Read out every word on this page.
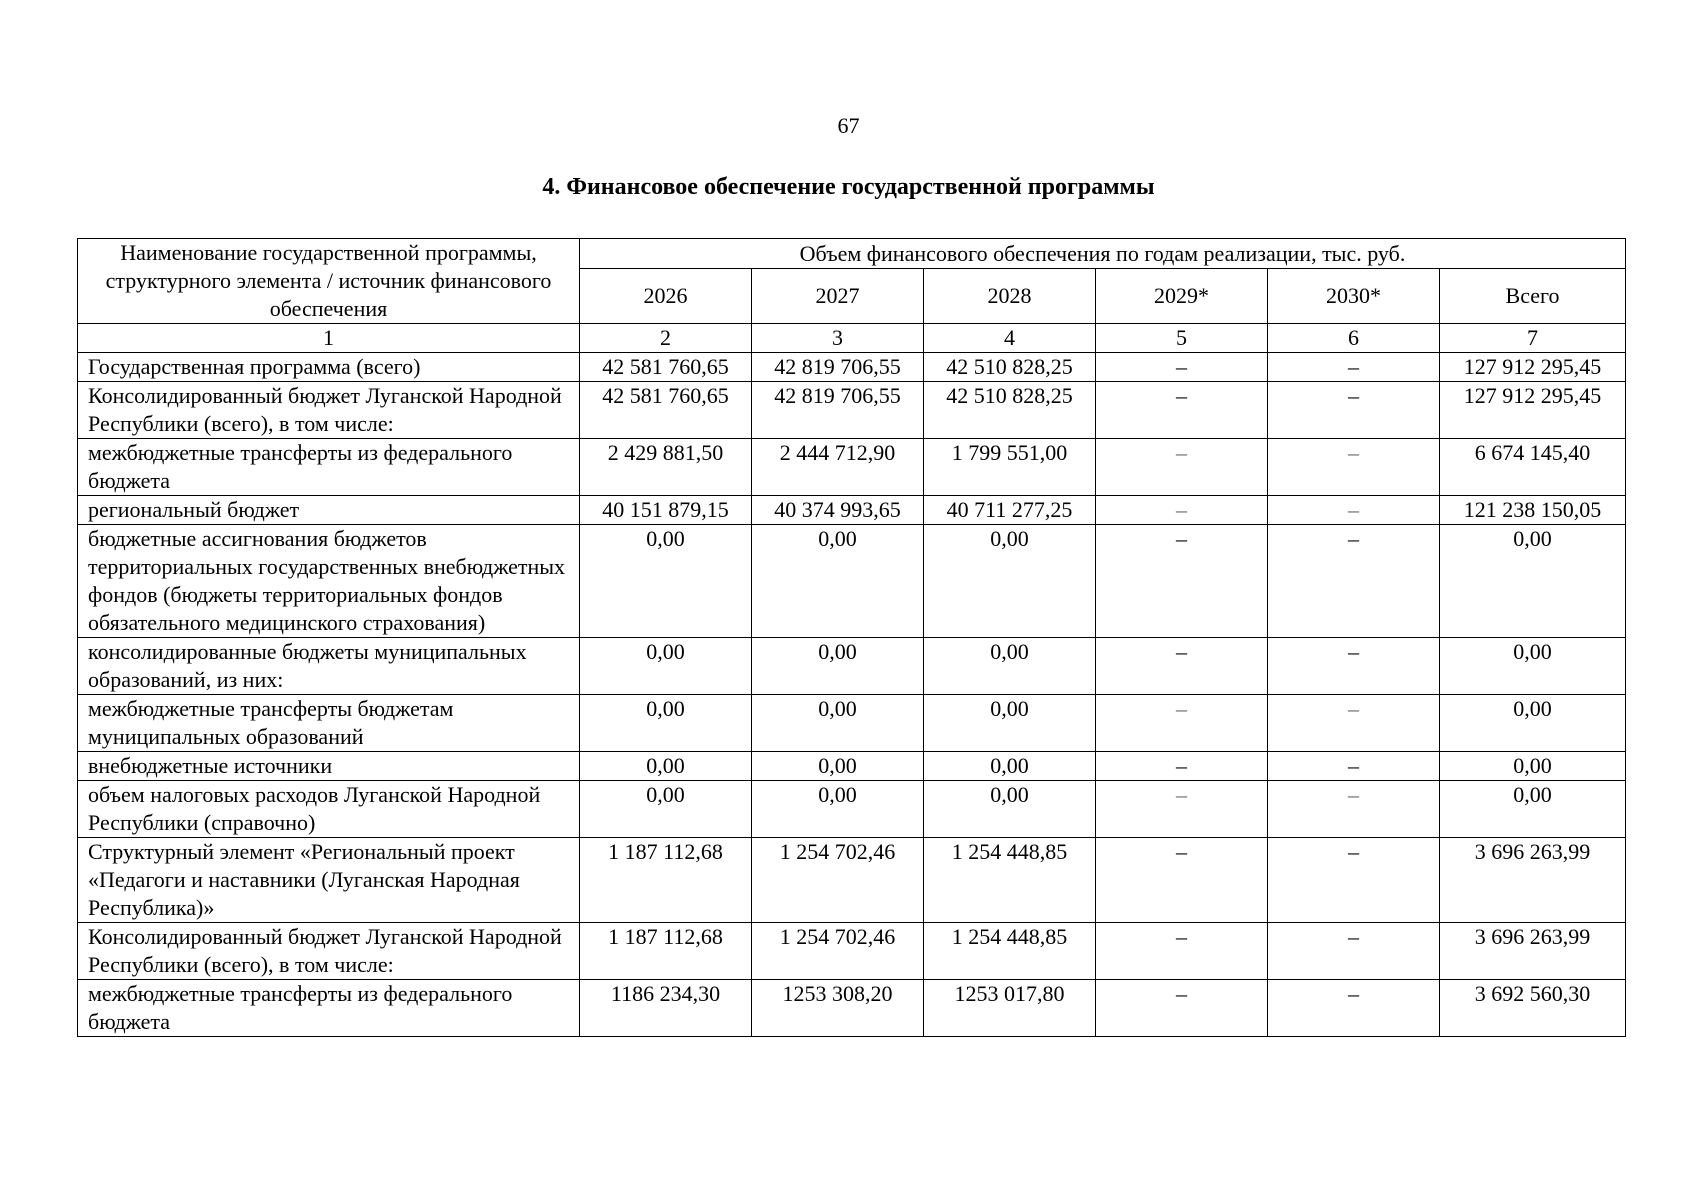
67
4. Финансовое обеспечение государственной программы
Наименование государственной программы, структурного элемента / источник финансового обеспечения	Объем финансового обеспечения по годам реализации, тыс. руб.					
	2026	2027	2028	2029*	2030*	Всего
1	2	3	4	5	6	7
Государственная программа (всего)	42 581 760,65	42 819 706,55	42 510 828,25	–	–	127 912 295,45
Консолидированный бюджет Луганской Народной Республики (всего), в том числе:	42 581 760,65	42 819 706,55	42 510 828,25	–	–	127 912 295,45
межбюджетные трансферты из федерального бюджета	2 429 881,50	2 444 712,90	1 799 551,00	–	–	6 674 145,40
региональный бюджет	40 151 879,15	40 374 993,65	40 711 277,25	–	–	121 238 150,05
бюджетные ассигнования бюджетов территориальных государственных внебюджетных фондов (бюджеты территориальных фондов обязательного медицинского страхования)	0,00	0,00	0,00	–	–	0,00
консолидированные бюджеты муниципальных образований, из них:	0,00	0,00	0,00	–	–	0,00
межбюджетные трансферты бюджетам муниципальных образований	0,00	0,00	0,00	–	–	0,00
внебюджетные источники	0,00	0,00	0,00	–	–	0,00
объем налоговых расходов Луганской Народной Республики (справочно)	0,00	0,00	0,00	–	–	0,00
Структурный элемент «Региональный проект «Педагоги и наставники (Луганская Народная Республика)»	1 187 112,68	1 254 702,46	1 254 448,85	–	–	3 696 263,99
Консолидированный бюджет Луганской Народной Республики (всего), в том числе:	1 187 112,68	1 254 702,46	1 254 448,85	–	–	3 696 263,99
межбюджетные трансферты из федерального бюджета	1186 234,30	1253 308,20	1253 017,80	–	–	3 692 560,30
